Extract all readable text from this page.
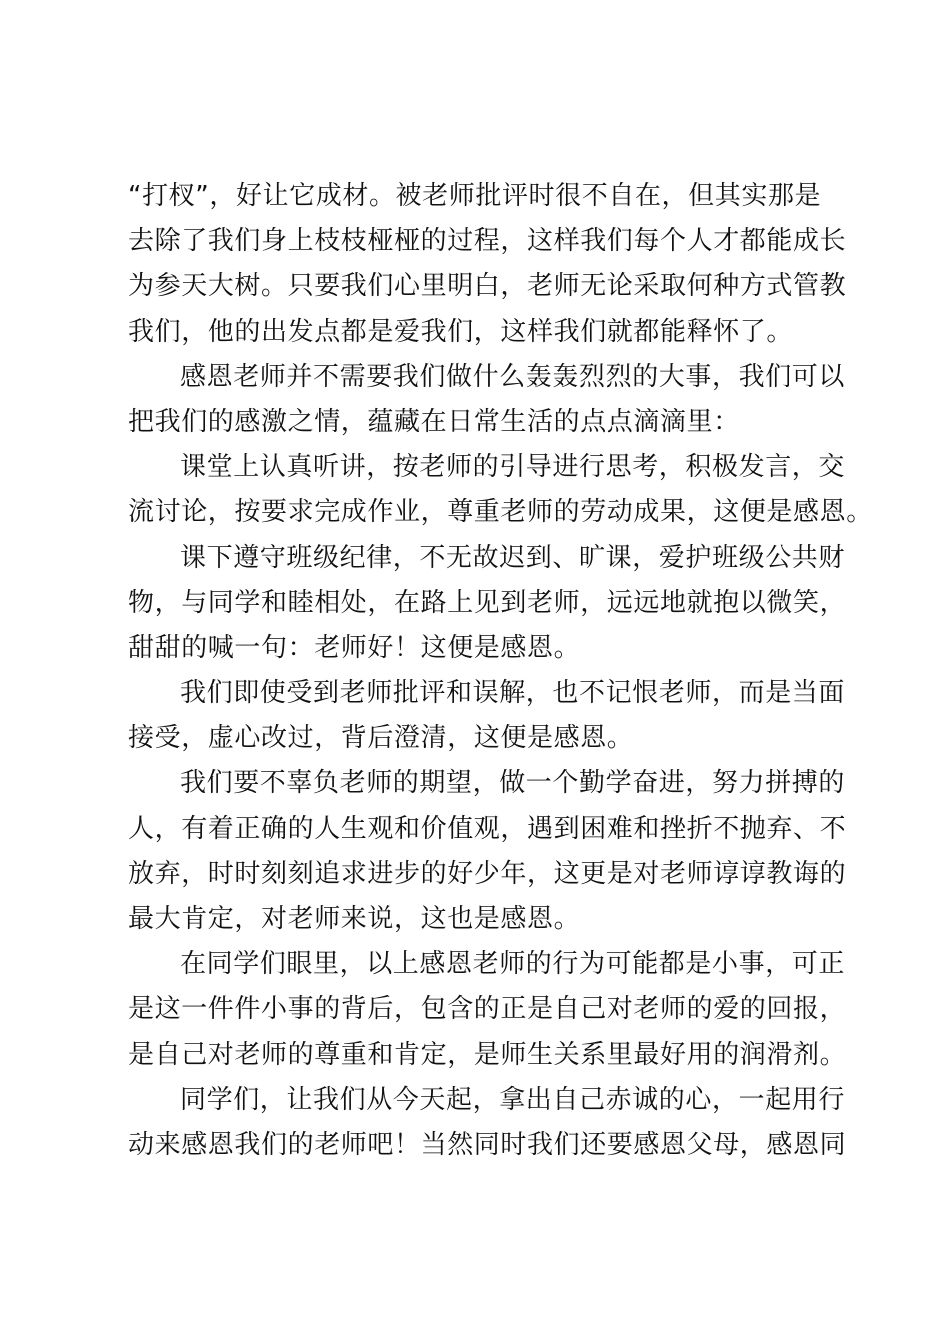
“打杈”，好让它成材。被老师批评时很不自在，但其实那是
去除了我们身上枝枝桠桠的过程，这样我们每个人才都能成长
为参天大树。只要我们心里明白，老师无论采取何种方式管教
我们，他的出发点都是爱我们，这样我们就都能释怀了。
感恩老师并不需要我们做什么轰轰烈烈的大事，我们可以
把我们的感激之情，蕴藏在日常生活的点点滴滴里：
课堂上认真听讲，按老师的引导进行思考，积极发言，交
流讨论，按要求完成作业，尊重老师的劳动成果，这便是感恩。
课下遵守班级纪律，不无故迟到、旷课，爱护班级公共财
物，与同学和睦相处，在路上见到老师，远远地就抱以微笑，
甜甜的喊一句：老师好！这便是感恩。
我们即使受到老师批评和误解，也不记恨老师，而是当面
接受，虚心改过，背后澄清，这便是感恩。
我们要不辜负老师的期望，做一个勤学奋进，努力拼搏的
人，有着正确的人生观和价值观，遇到困难和挫折不抛弃、不
放弃，时时刻刻追求进步的好少年，这更是对老师谆谆教诲的
最大肯定，对老师来说，这也是感恩。
在同学们眼里，以上感恩老师的行为可能都是小事，可正
是这一件件小事的背后，包含的正是自己对老师的爱的回报，
是自己对老师的尊重和肯定，是师生关系里最好用的润滑剂。
同学们，让我们从今天起，拿出自己赤诚的心，一起用行
动来感恩我们的老师吧！当然同时我们还要感恩父母，感恩同
